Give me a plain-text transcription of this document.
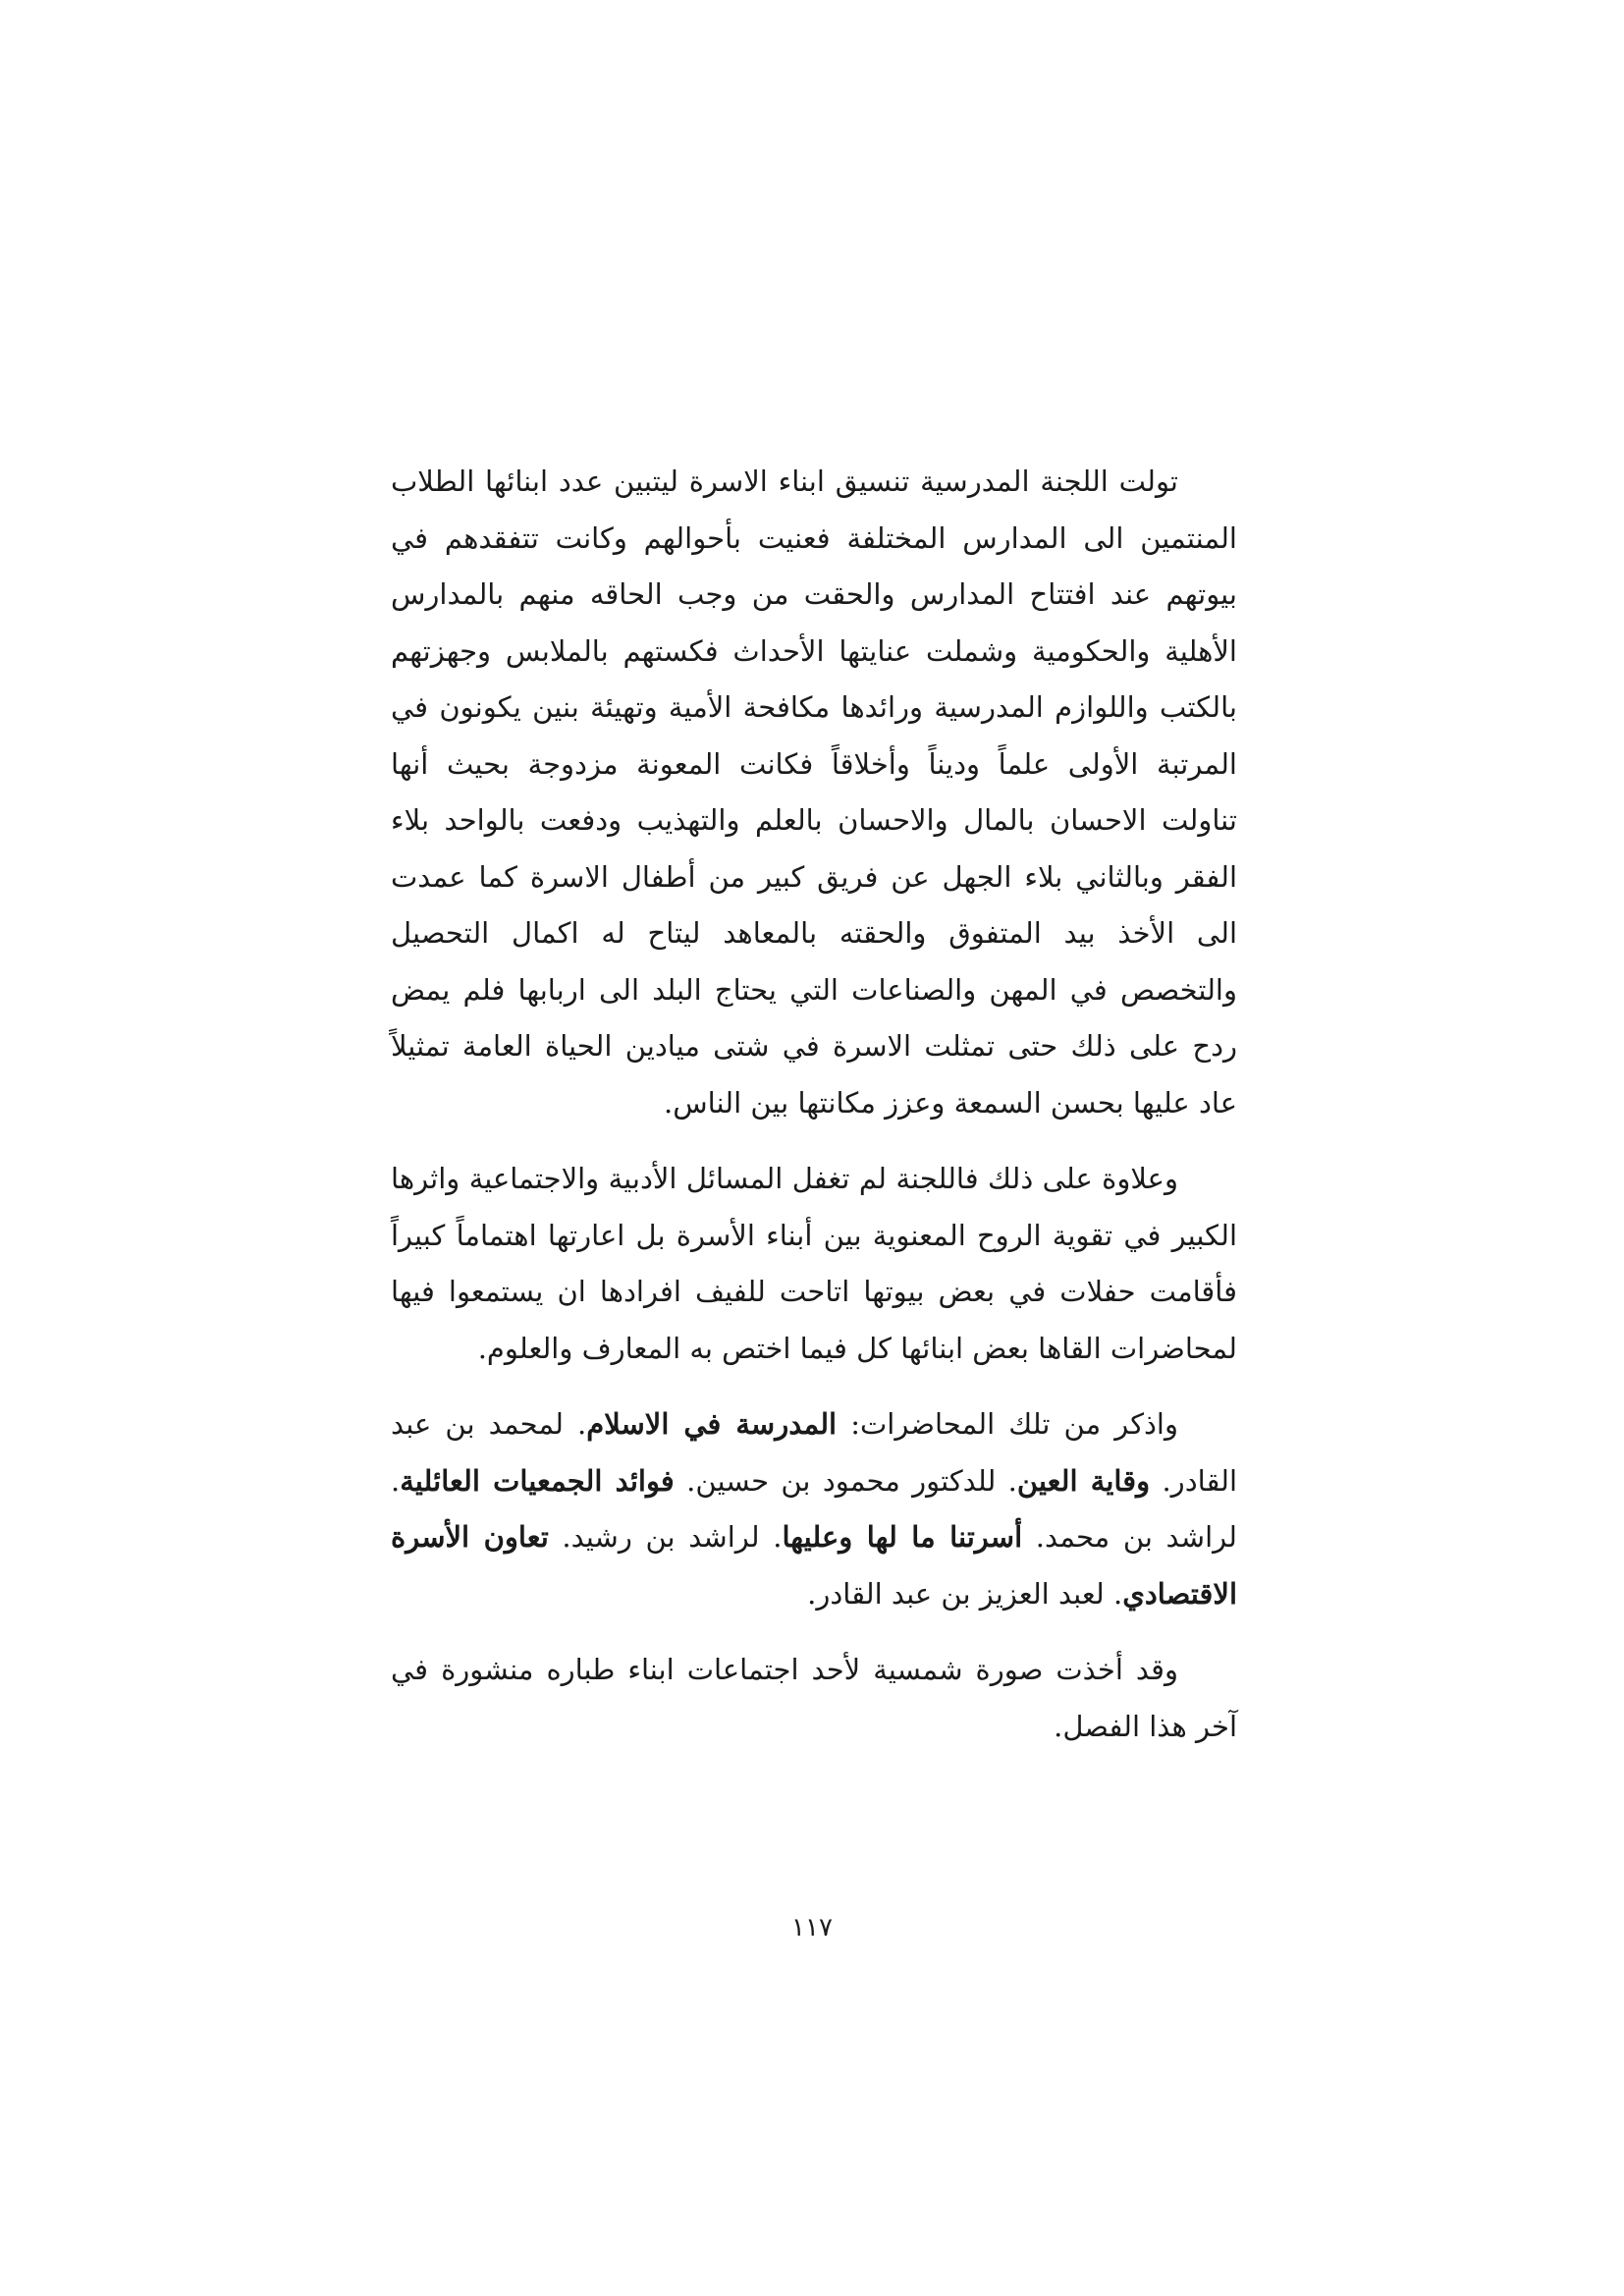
تولت اللجنة المدرسية تنسيق ابناء الاسرة ليتبين عدد ابنائها الطلاب المنتمين الى المدارس المختلفة فعنيت بأحوالهم وكانت تتفقدهم في بيوتهم عند افتتاح المدارس والحقت من وجب الحاقه منهم بالمدارس الأهلية والحكومية وشملت عنايتها الأحداث فكستهم بالملابس وجهزتهم بالكتب واللوازم المدرسية ورائدها مكافحة الأمية وتهيئة بنين يكونون في المرتبة الأولى علماً وديناً وأخلاقاً فكانت المعونة مزدوجة بحيث أنها تناولت الاحسان بالمال والاحسان بالعلم والتهذيب ودفعت بالواحد بلاء الفقر وبالثاني بلاء الجهل عن فريق كبير من أطفال الاسرة كما عمدت الى الأخذ بيد المتفوق والحقته بالمعاهد ليتاح له اكمال التحصيل والتخصص في المهن والصناعات التي يحتاج البلد الى اربابها فلم يمض ردح على ذلك حتى تمثلت الاسرة في شتى ميادين الحياة العامة تمثيلاً عاد عليها بحسن السمعة وعزز مكانتها بين الناس.

وعلاوة على ذلك فاللجنة لم تغفل المسائل الأدبية والاجتماعية واثرها الكبير في تقوية الروح المعنوية بين أبناء الأسرة بل اعارتها اهتماماً كبيراً فأقامت حفلات في بعض بيوتها اتاحت للفيف افرادها ان يستمعوا فيها لمحاضرات القاها بعض ابنائها كل فيما اختص به المعارف والعلوم.

واذكر من تلك المحاضرات: المدرسة في الاسلام. لمحمد بن عبد القادر. وقاية العين. للدكتور محمود بن حسين. فوائد الجمعيات العائلية. لراشد بن محمد. أسرتنا ما لها وعليها. لراشد بن رشيد. تعاون الأسرة الاقتصادي. لعبد العزيز بن عبد القادر.

وقد أخذت صورة شمسية لأحد اجتماعات ابناء طباره منشورة في آخر هذا الفصل.

١١٧
